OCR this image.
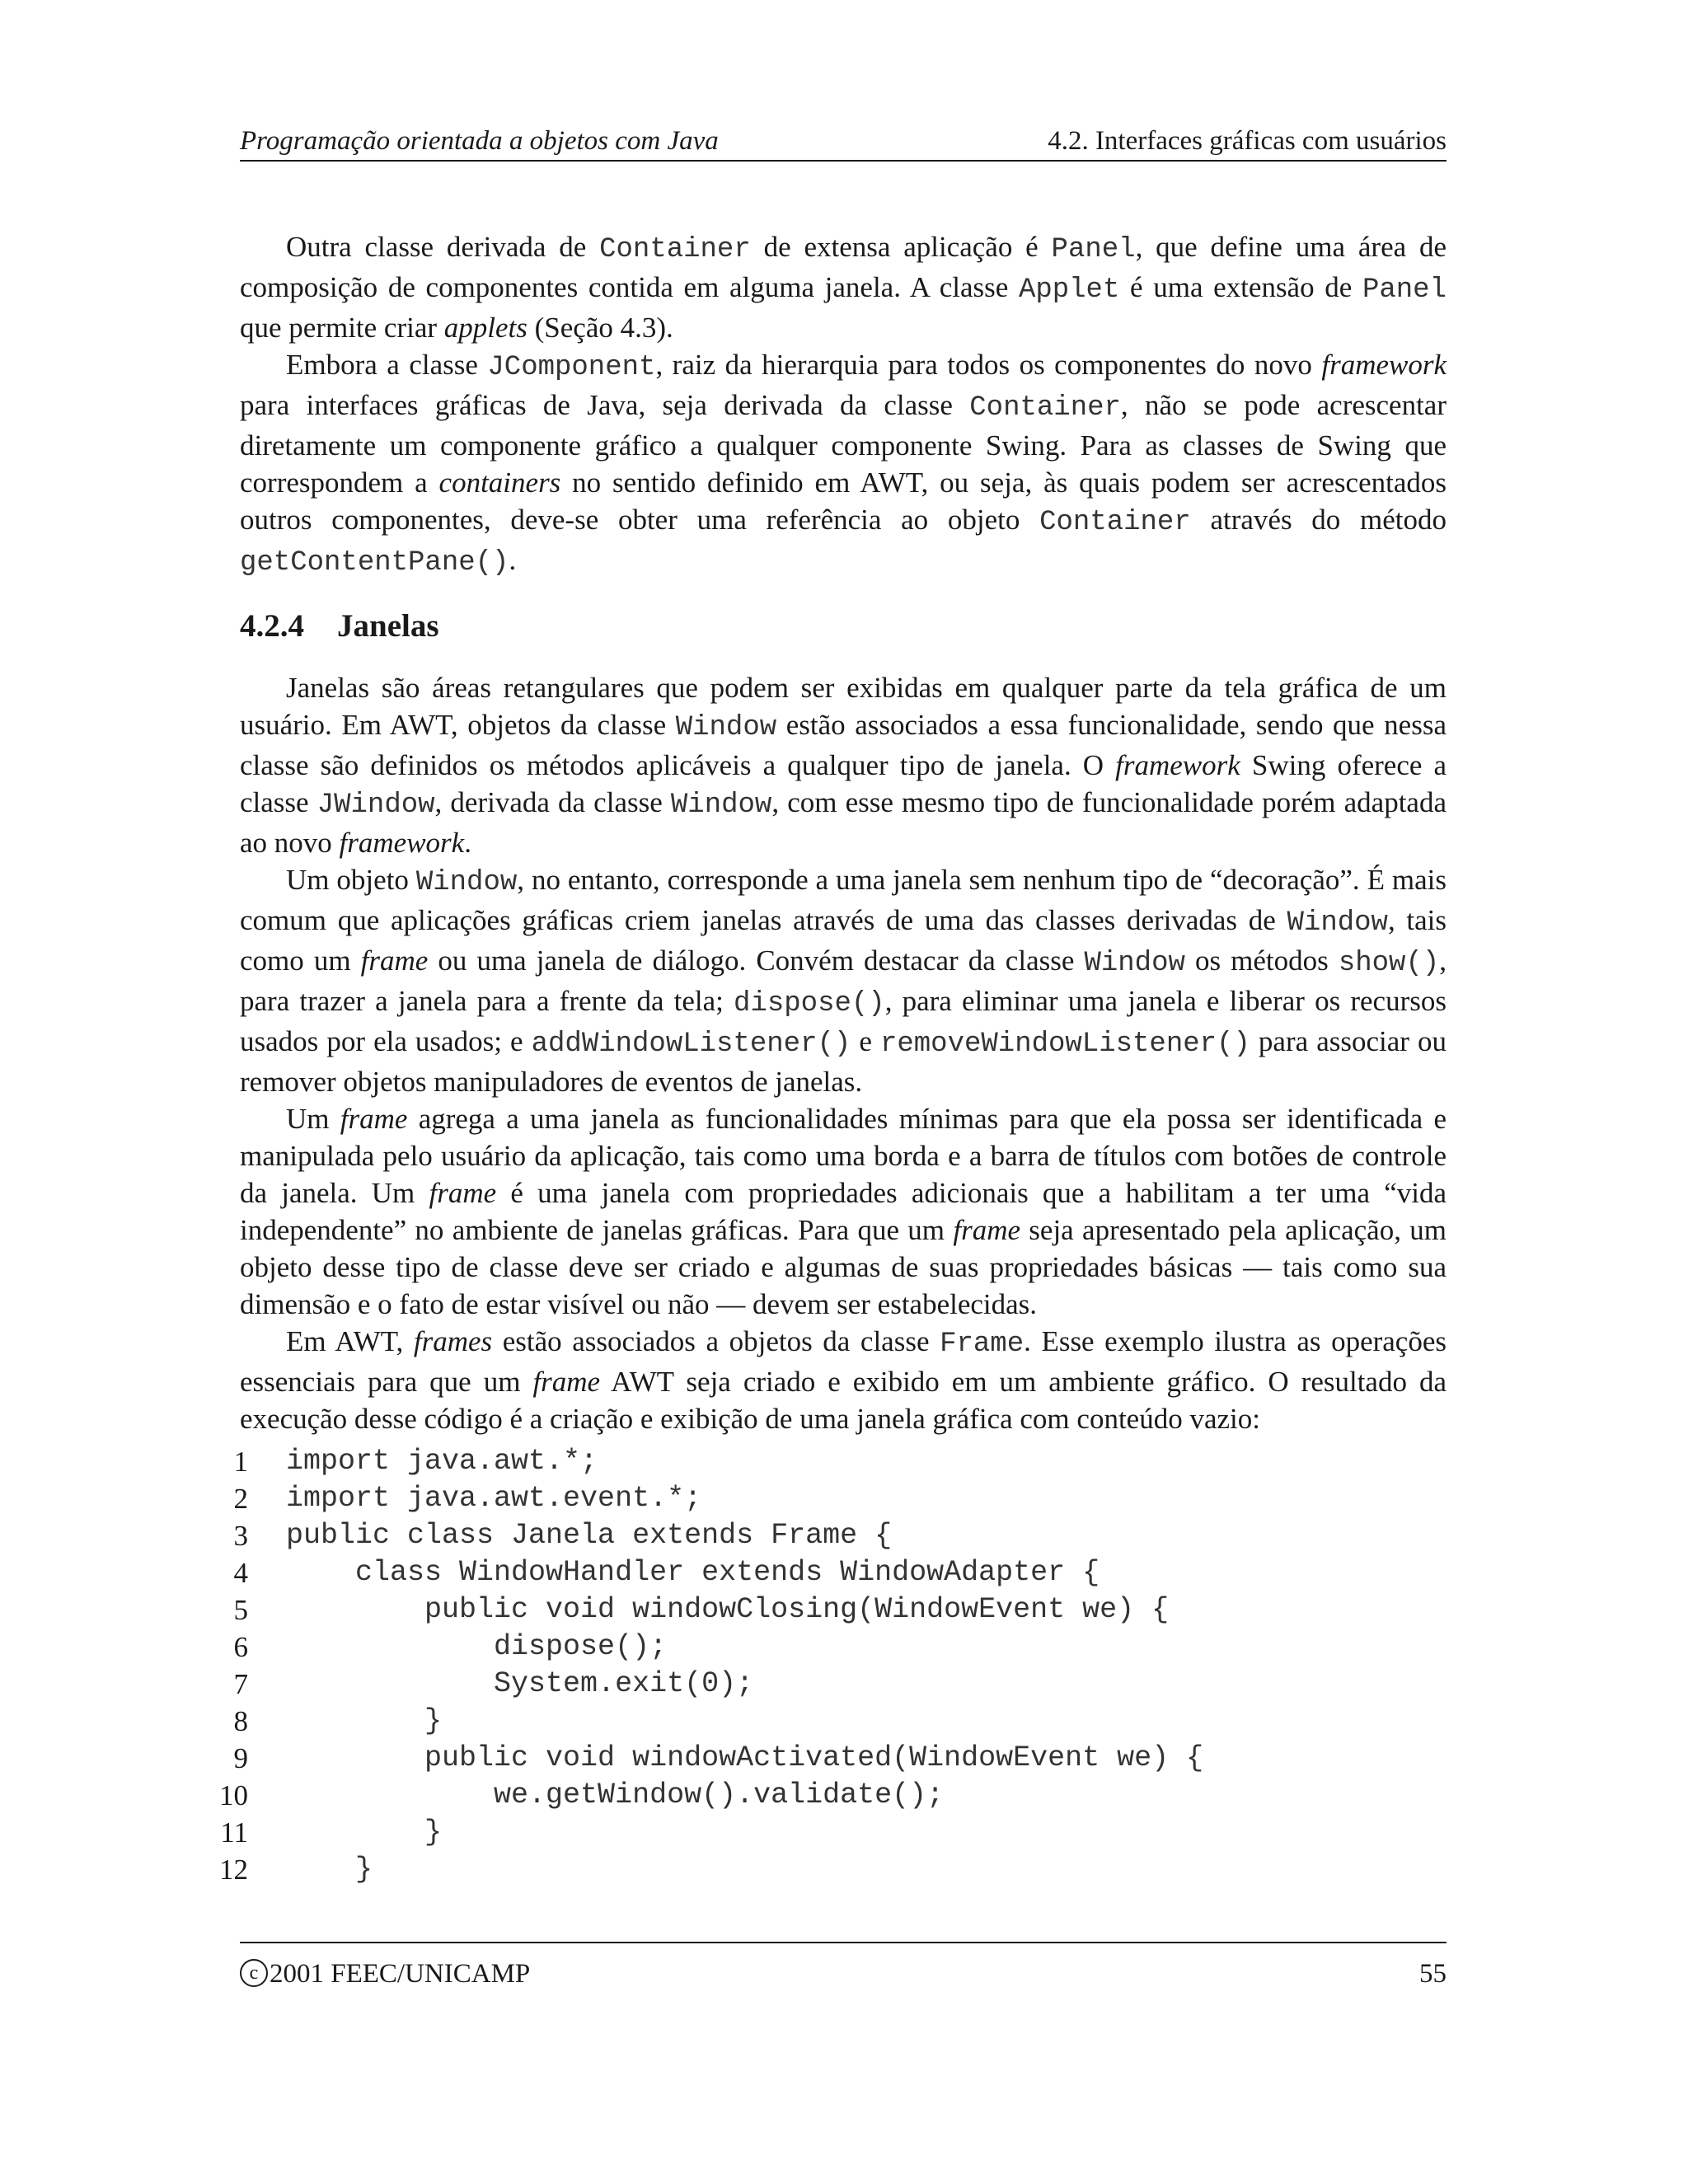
Programação orientada a objetos com Java	4.2. Interfaces gráficas com usuários

Outra classe derivada de Container de extensa aplicação é Panel, que define uma área de composição de componentes contida em alguma janela. A classe Applet é uma extensão de Panel que permite criar applets (Seção 4.3).

Embora a classe JComponent, raiz da hierarquia para todos os componentes do novo framework para interfaces gráficas de Java, seja derivada da classe Container, não se pode acrescentar diretamente um componente gráfico a qualquer componente Swing. Para as classes de Swing que correspondem a containers no sentido definido em AWT, ou seja, às quais podem ser acrescentados outros componentes, deve-se obter uma referência ao objeto Container através do método getContentPane().

4.2.4 Janelas

Janelas são áreas retangulares que podem ser exibidas em qualquer parte da tela gráfica de um usuário. Em AWT, objetos da classe Window estão associados a essa funcionalidade, sendo que nessa classe são definidos os métodos aplicáveis a qualquer tipo de janela. O framework Swing oferece a classe JWindow, derivada da classe Window, com esse mesmo tipo de funcionalidade porém adaptada ao novo framework.

Um objeto Window, no entanto, corresponde a uma janela sem nenhum tipo de “decoração”. É mais comum que aplicações gráficas criem janelas através de uma das classes derivadas de Window, tais como um frame ou uma janela de diálogo. Convém destacar da classe Window os métodos show(), para trazer a janela para a frente da tela; dispose(), para eliminar uma janela e liberar os recursos usados por ela usados; e addWindowListener() e removeWindowListener() para associar ou remover objetos manipuladores de eventos de janelas.

Um frame agrega a uma janela as funcionalidades mínimas para que ela possa ser identificada e manipulada pelo usuário da aplicação, tais como uma borda e a barra de títulos com botões de controle da janela. Um frame é uma janela com propriedades adicionais que a habilitam a ter uma “vida independente” no ambiente de janelas gráficas. Para que um frame seja apresentado pela aplicação, um objeto desse tipo de classe deve ser criado e algumas de suas propriedades básicas — tais como sua dimensão e o fato de estar visível ou não — devem ser estabelecidas.

Em AWT, frames estão associados a objetos da classe Frame. Esse exemplo ilustra as operações essenciais para que um frame AWT seja criado e exibido em um ambiente gráfico. O resultado da execução desse código é a criação e exibição de uma janela gráfica com conteúdo vazio:

1 import java.awt.*;
2 import java.awt.event.*;
3 public class Janela extends Frame {
4 class WindowHandler extends WindowAdapter {
5 public void windowClosing(WindowEvent we) {
6 dispose();
7 System.exit(0);
8 }
9 public void windowActivated(WindowEvent we) {
10 we.getWindow().validate();
11 }
12 }
c 2001 FEEC/UNICAMP	55
